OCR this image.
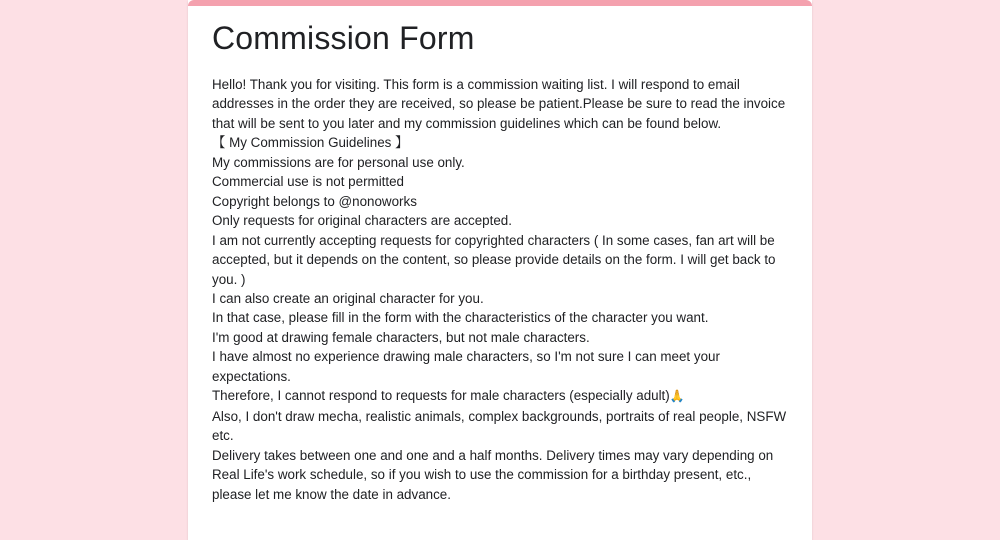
Commission Form

Hello! Thank you for visiting. This form is a commission waiting list. I will respond to email addresses in the order they are received, so please be patient.Please be sure to read the invoice that will be sent to you later and my commission guidelines which can be found below.

【 My Commission Guidelines 】

My commissions are for personal use only.

Commercial use is not permitted

Copyright belongs to @nonoworks

Only requests for original characters are accepted.

I am not currently accepting requests for copyrighted characters ( In some cases, fan art will be accepted, but it depends on the content, so please provide details on the form. I will get back to you. )

I can also create an original character for you.

In that case, please fill in the form with the characteristics of the character you want.

I'm good at drawing female characters, but not male characters.

I have almost no experience drawing male characters, so I'm not sure I can meet your expectations.

Therefore, I cannot respond to requests for male characters (especially adult)🙏

Also, I don't draw mecha, realistic animals, complex backgrounds, portraits of real people, NSFW etc.

Delivery takes between one and one and a half months. Delivery times may vary depending on Real Life's work schedule, so if you wish to use the commission for a birthday present, etc., please let me know the date in advance.
